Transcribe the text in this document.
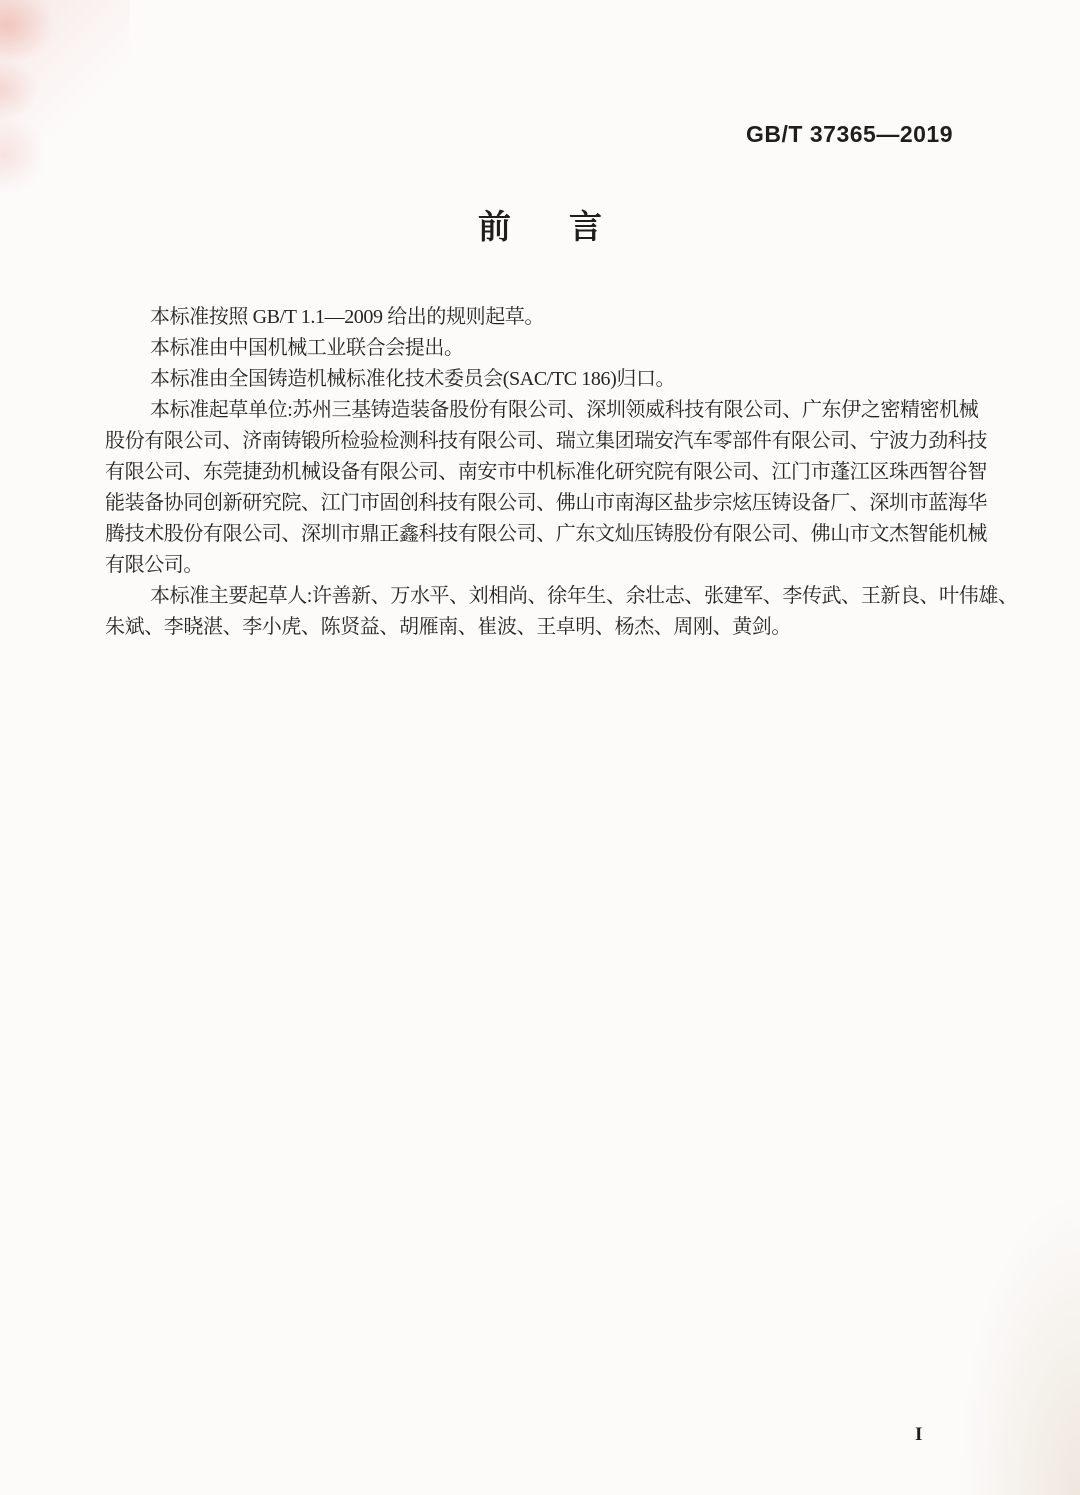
GB/T 37365—2019
前 言
本标准按照 GB/T 1.1—2009 给出的规则起草。
本标准由中国机械工业联合会提出。
本标准由全国铸造机械标准化技术委员会(SAC/TC 186)归口。
本标准起草单位:苏州三基铸造装备股份有限公司、深圳领威科技有限公司、广东伊之密精密机械
股份有限公司、济南铸锻所检验检测科技有限公司、瑞立集团瑞安汽车零部件有限公司、宁波力劲科技
有限公司、东莞捷劲机械设备有限公司、南安市中机标准化研究院有限公司、江门市蓬江区珠西智谷智
能装备协同创新研究院、江门市固创科技有限公司、佛山市南海区盐步宗炫压铸设备厂、深圳市蓝海华
腾技术股份有限公司、深圳市鼎正鑫科技有限公司、广东文灿压铸股份有限公司、佛山市文杰智能机械
有限公司。
本标准主要起草人:许善新、万水平、刘相尚、徐年生、余壮志、张建军、李传武、王新良、叶伟雄、
朱斌、李晓湛、李小虎、陈贤益、胡雁南、崔波、王卓明、杨杰、周刚、黄剑。
I
